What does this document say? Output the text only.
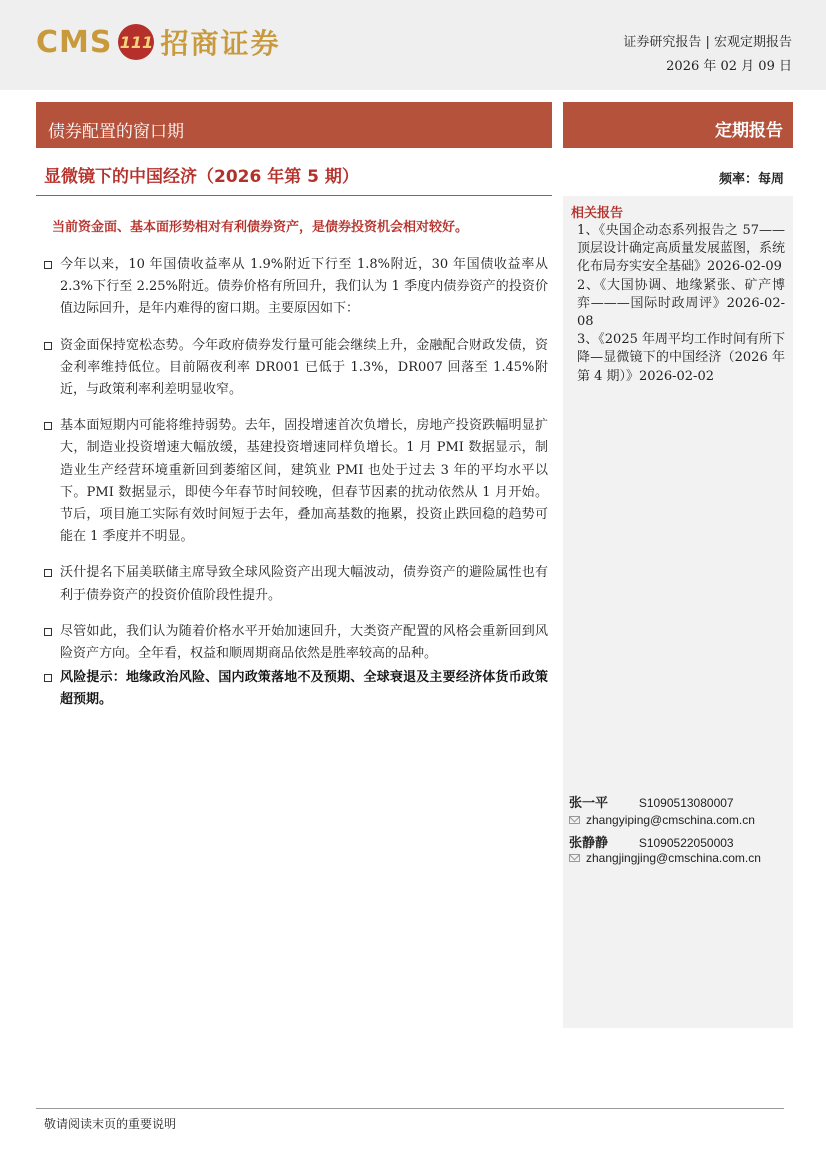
CMS 111 招商证券	证券研究报告 | 宏观定期报告
2026 年 02 月 09 日
债券配置的窗口期	定期报告
显微镜下的中国经济（2026 年第 5 期）	频率：每周
当前资金面、基本面形势相对有利债券资产，是债券投资机会相对较好。
今年以来，10 年国债收益率从 1.9%附近下行至 1.8%附近，30 年国债收益率从 2.3%下行至 2.25%附近。债券价格有所回升，我们认为 1 季度内债券资产的投资价值边际回升，是年内难得的窗口期。主要原因如下：
资金面保持宽松态势。今年政府债券发行量可能会继续上升，金融配合财政发债，资金利率维持低位。目前隔夜利率 DR001 已低于 1.3%，DR007 回落至 1.45%附近，与政策利率利差明显收窄。
基本面短期内可能将维持弱势。去年，固投增速首次负增长，房地产投资跌幅明显扩大，制造业投资增速大幅放缓，基建投资增速同样负增长。1 月 PMI 数据显示，制造业生产经营环境重新回到萎缩区间，建筑业 PMI 也处于过去 3 年的平均水平以下。PMI 数据显示，即使今年春节时间较晚，但春节因素的扰动依然从 1 月开始。节后，项目施工实际有效时间短于去年，叠加高基数的拖累，投资止跌回稳的趋势可能在 1 季度并不明显。
沃什提名下届美联储主席导致全球风险资产出现大幅波动，债券资产的避险属性也有利于债券资产的投资价值阶段性提升。
尽管如此，我们认为随着价格水平开始加速回升，大类资产配置的风格会重新回到风险资产方向。全年看，权益和顺周期商品依然是胜率较高的品种。
风险提示：地缘政治风险、国内政策落地不及预期、全球衰退及主要经济体货币政策超预期。
相关报告
1、《央国企动态系列报告之 57——顶层设计确定高质量发展蓝图，系统化布局夯实安全基础》2026-02-09
2、《大国协调、地缘紧张、矿产博弈———国际时政周评》2026-02-08
3、《2025 年周平均工作时间有所下降—显微镜下的中国经济（2026 年第 4 期）》2026-02-02
张一平	S1090513080007
zhangyiping@cmschina.com.cn
张静静	S1090522050003
zhangjingjing@cmschina.com.cn
敬请阅读末页的重要说明
